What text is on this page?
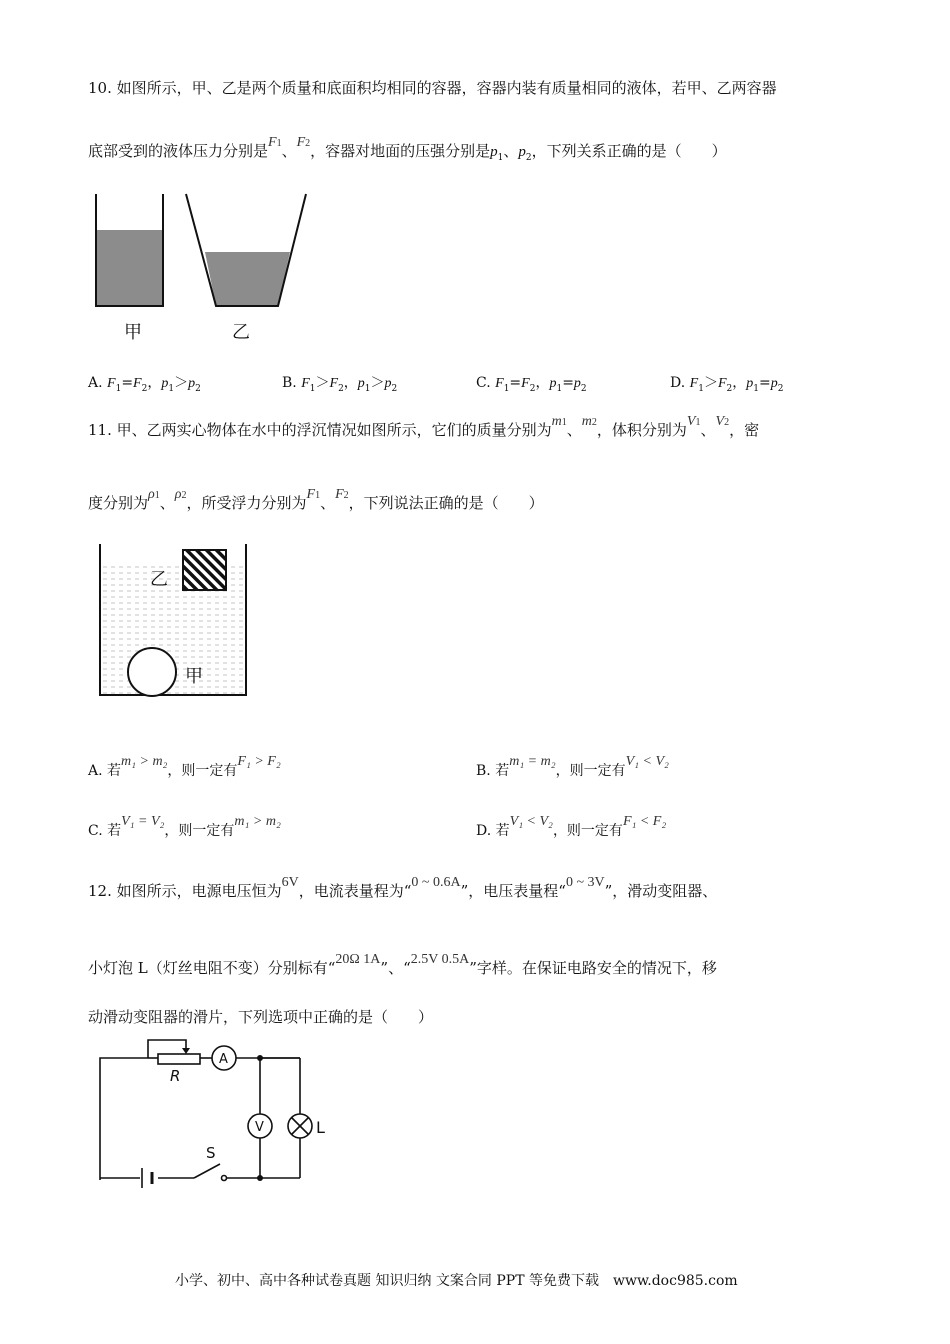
10. 如图所示，甲、乙是两个质量和底面积均相同的容器，容器内装有质量相同的液体，若甲、乙两容器
底部受到的液体压力分别是F1、F2，容器对地面的压强分别是$p_1$、$p_2$，下列关系正确的是（　　）
甲	乙
A. $F_1=F_2$，$p_1>p_2$	B. $F_1>F_2$，$p_1>p_2$	C. $F_1=F_2$，$p_1=p_2$	D. $F_1>F_2$，$p_1=p_2$
11. 甲、乙两实心物体在水中的浮沉情况如图所示，它们的质量分别为m1、m2，体积分别为V1、V2，密
度分别为ρ1、ρ2，所受浮力分别为F1、F2，下列说法正确的是（　　）
乙
甲
A. 若m₁ > m₂，则一定有F₁ > F₂
B. 若m₁ = m₂，则一定有V₁ < V₂
C. 若V₁ = V₂，则一定有m₁ > m₂
D. 若V₁ < V₂，则一定有F₁ < F₂
12. 如图所示，电源电压恒为6V，电流表量程为“0 ~ 0.6A”，电压表量程“0 ~ 3V”，滑动变阻器、
小灯泡 L（灯丝电阻不变）分别标有“20Ω 1A”、“2.5V 0.5A”字样。在保证电路安全的情况下，移
动滑动变阻器的滑片，下列选项中正确的是（　　）
A
V
R
L
S
小学、初中、高中各种试卷真题 知识归纳 文案合同 PPT 等免费下载　www.doc985.com
